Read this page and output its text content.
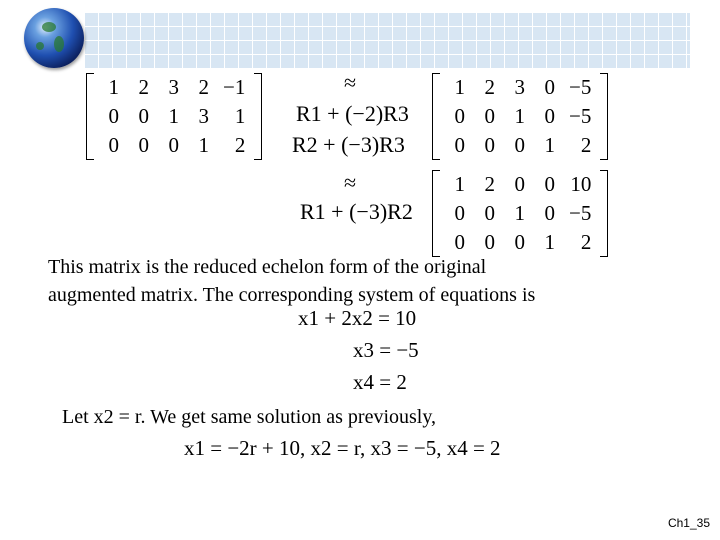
1	2	3	2	−1
0	0	1	3	1
0	0	0	1	2
≈
R1 + (−2)R3
R2 + (−3)R3
1	2	3	0	−5
0	0	1	0	−5
0	0	0	1	2
≈
R1 + (−3)R2
1	2	0	0	10
0	0	1	0	−5
0	0	0	1	2
This matrix is the reduced echelon form of the original
augmented matrix. The corresponding system of equations is
x1 + 2x2 = 10
x3 = −5
x4 = 2
Let x2 = r. We get same solution as previously,
x1 = −2r + 10, x2 = r, x3 = −5, x4 = 2
Ch1_35
